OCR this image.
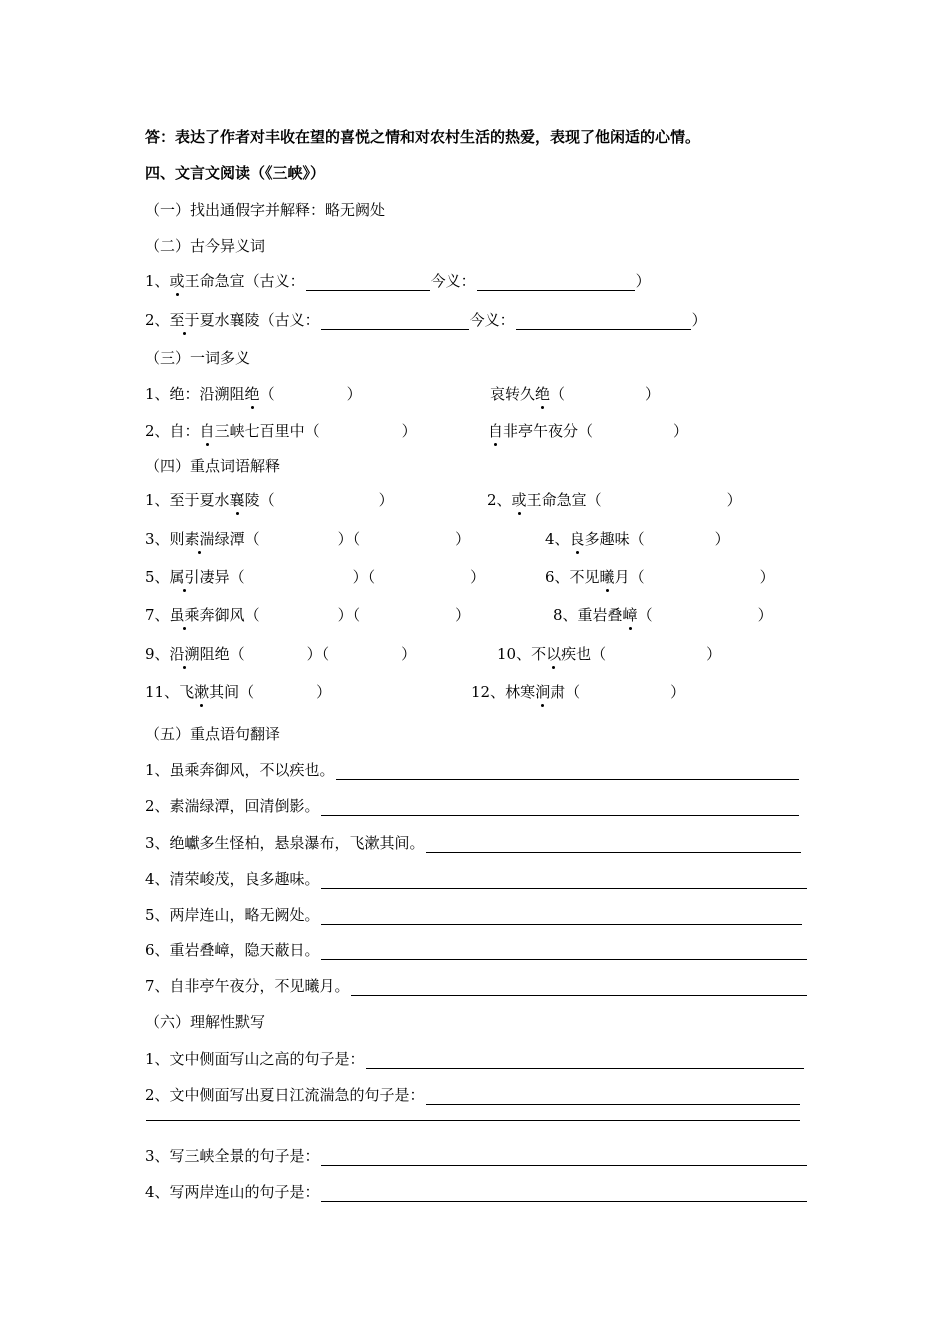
答：表达了作者对丰收在望的喜悦之情和对农村生活的热爱，表现了他闲适的心情。
四、文言文阅读（《三峡》）
（一）找出通假字并解释：略无阙处
（二）古今异义词
1、 或 王命急宣（古义：	今义：	）
2、 至于 夏水襄陵（古义：	今义：	）
（三）一词多义
1、绝：沿溯阻绝（	）	哀转久绝（	）
2、自：自三峡七百里中（	）	自非亭午夜分（	）
（四）重点词语解释
1、至于夏水襄陵（	）	2、或王命急宣（	）
3、则素湍绿潭（	）（	）	4、良多趣味（	）
5、属引凄异（	）（	）	6、不见曦月（	）
7、虽乘奔御风（	）（	）	8、重岩叠嶂（	）
9、沿溯阻绝（	）（	）	10、不以疾也（	）
11、飞漱其间（	）	12、林寒涧肃（	）
（五）重点语句翻译
1、虽乘奔御风，不以疾也。
2、素湍绿潭，回清倒影。
3、绝巘多生怪柏，悬泉瀑布，飞漱其间。
4、清荣峻茂，良多趣味。
5、两岸连山，略无阙处。
6、重岩叠嶂，隐天蔽日。
7、自非亭午夜分，不见曦月。
（六）理解性默写
1、文中侧面写山之高的句子是：
2、文中侧面写出夏日江流湍急的句子是：
3、写三峡全景的句子是：
4、写两岸连山的句子是：
